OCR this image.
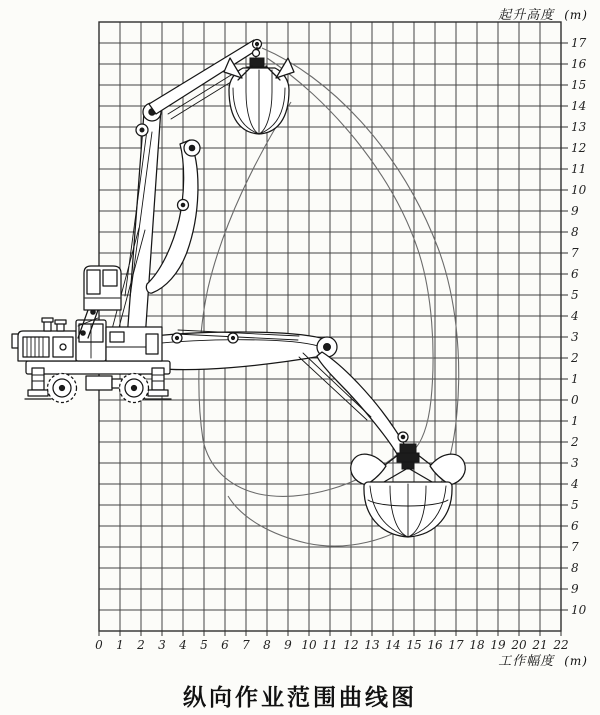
起升高度 (m)
工作幅度 (m)
17
16
15
14
13
12
11
10
9
8
7
6
5
4
3
2
1
0
1
2
3
4
5
6
7
8
9
10
0 1 2 3 4 5 6 7 8 9 10 11 12 13 14 15 16 17 18 19 20 21 22
纵向作业范围曲线图
